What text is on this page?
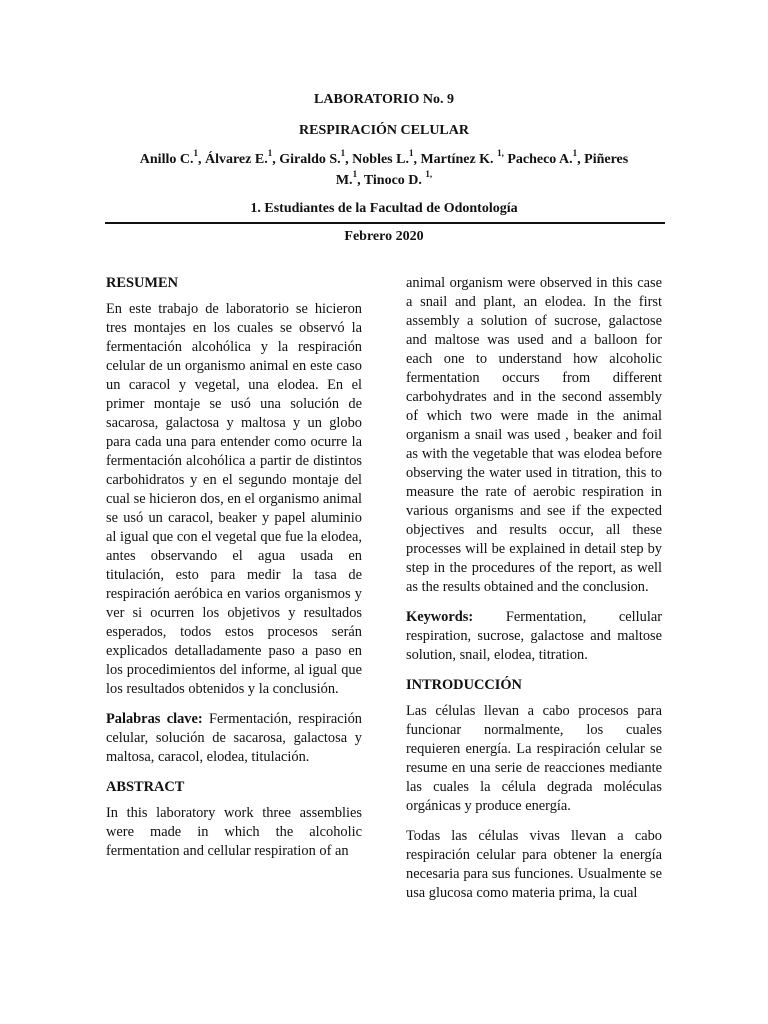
LABORATORIO No. 9
RESPIRACIÓN CELULAR
Anillo C.$^1$, Álvarez E.$^1$, Giraldo S.$^1$, Nobles L.$^1$, Martínez K. $^{1,}$ Pacheco A.$^1$, Piñeres
M.$^1$, Tinoco D. $^{1,}$
1. Estudiantes de la Facultad de Odontología
Febrero 2020

RESUMEN

En este trabajo de laboratorio se hicieron tres montajes en los cuales se observó la fermentación alcohólica y la respiración celular de un organismo animal en este caso un caracol y vegetal, una elodea. En el primer montaje se usó una solución de sacarosa, galactosa y maltosa y un globo para cada una para entender como ocurre la fermentación alcohólica a partir de distintos carbohidratos y en el segundo montaje del cual se hicieron dos, en el organismo animal se usó un caracol, beaker y papel aluminio al igual que con el vegetal que fue la elodea, antes observando el agua usada en titulación, esto para medir la tasa de respiración aeróbica en varios organismos y ver si ocurren los objetivos y resultados esperados, todos estos procesos serán explicados detalladamente paso a paso en los procedimientos del informe, al igual que los resultados obtenidos y la conclusión.

Palabras clave: Fermentación, respiración celular, solución de sacarosa, galactosa y maltosa, caracol, elodea, titulación.

ABSTRACT

In this laboratory work three assemblies were made in which the alcoholic fermentation and cellular respiration of an

animal organism were observed in this case a snail and plant, an elodea. In the first assembly a solution of sucrose, galactose and maltose was used and a balloon for each one to understand how alcoholic fermentation occurs from different carbohydrates and in the second assembly of which two were made in the animal organism a snail was used , beaker and foil as with the vegetable that was elodea before observing the water used in titration, this to measure the rate of aerobic respiration in various organisms and see if the expected objectives and results occur, all these processes will be explained in detail step by step in the procedures of the report, as well as the results obtained and the conclusion.

Keywords: Fermentation, cellular respiration, sucrose, galactose and maltose solution, snail, elodea, titration.

INTRODUCCIÓN

Las células llevan a cabo procesos para funcionar normalmente, los cuales requieren energía. La respiración celular se resume en una serie de reacciones mediante las cuales la célula degrada moléculas orgánicas y produce energía.

Todas las células vivas llevan a cabo respiración celular para obtener la energía necesaria para sus funciones. Usualmente se usa glucosa como materia prima, la cual
